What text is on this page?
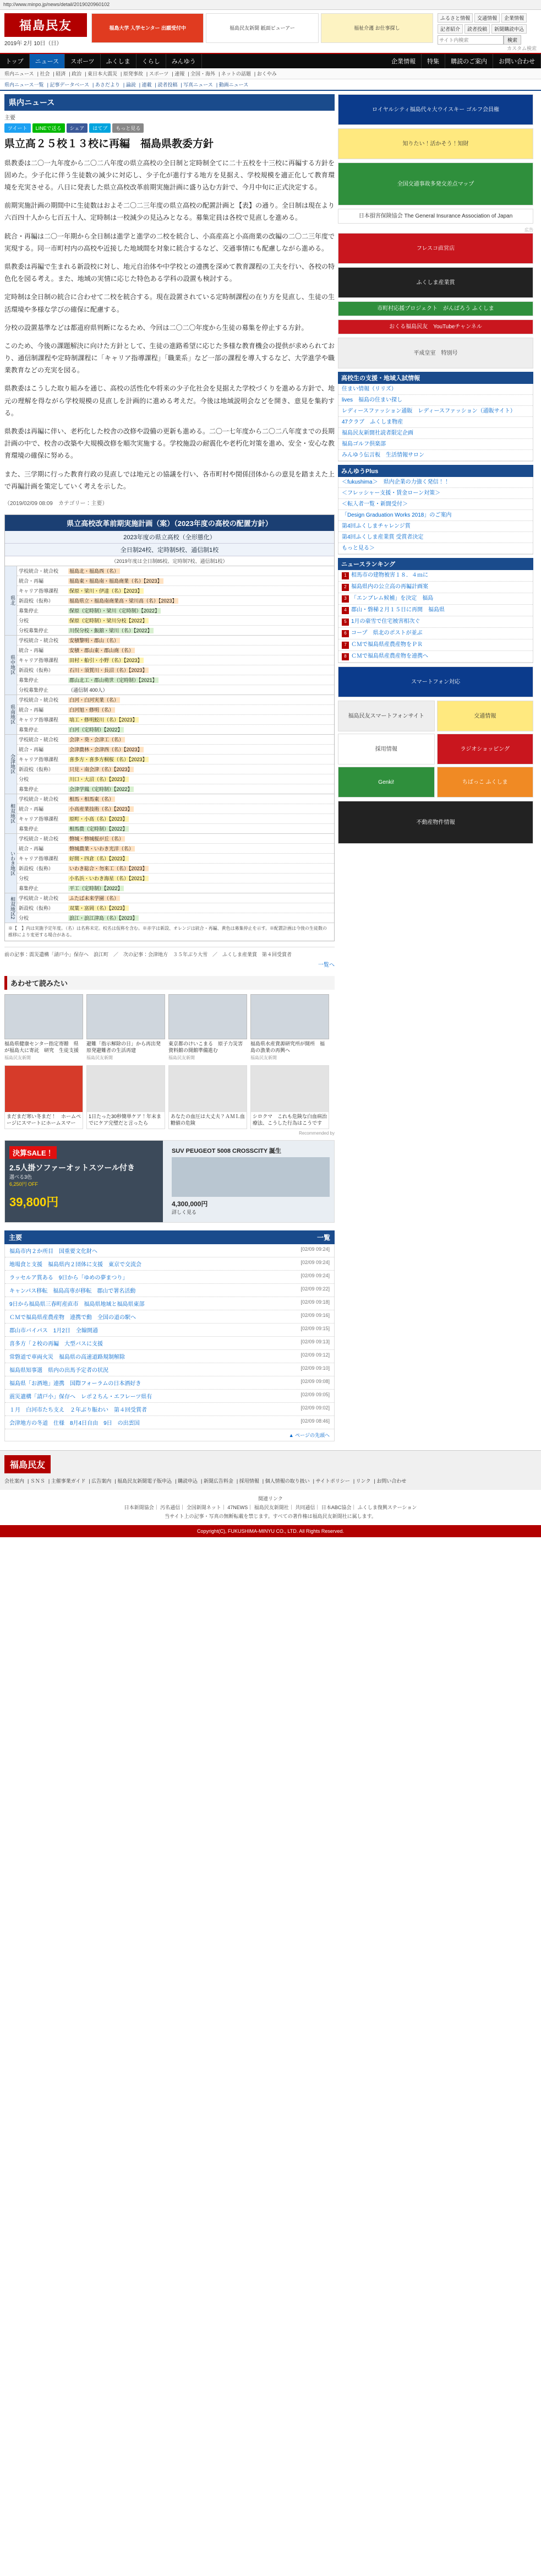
http://www.minpo.jp/news/detail/2019020960102
福島民友
2019年 2月 10日（日）
福島大学 入学センター 出願受付中	福島民友新聞 紙面ビューアー	福祉介護 お仕事探し
ふるさと情報	交通情報	企業情報
記者紹介	読者投稿	新聞購読申込
サイト内検索
検索
カスタム検索
トップ	ニュース	スポーツ	ふくしま	くらし	みんゆう	企業情報	特集	購読のご案内	お問い合わせ
県内ニュース | 社会 | 経済 | 政治 | 東日本大震災 | 原発事故 | スポーツ | 速報 | 全国・海外 | ネットの話題 | おくやみ
県内ニュース一覧 | 記事データベース | あさだより | 論説 | 連載 | 読者投稿 | 写真ニュース | 動画ニュース
県内ニュース
主要
ツイート	LINEで送る	シェア	はてブ	もっと見る
県立高２５校１３校に再編　福島県教委方針

県教委は二〇一九年度から二〇二八年度の県立高校の全日制と定時制全てに二十五校を十三校に再編する方針を固めた。少子化に伴う生徒数の減少に対応し、少子化が進行する地方を見据え、学校規模を適正化して教育環境を充実させる。八日に発表した県立高校改革前期実施計画に盛り込む方針で、今月中旬に正式決定する。

前期実施計画の期間中に生徒数はおよそ二〇二三年度の県立高校の配置計画と【表】の通り。全日制は現在より六百四十人から七百五十人、定時制は一校減少の見込みとなる。募集定員は各校で見直しを進める。

統合・再編は二〇一年期から全日制は進学と進学の二校を統合し、小高産高と小高商業の改編の二〇二三年度で実現する。同一市町村内の高校や近接した地域間を対象に統合するなど、交通事情にも配慮しながら進める。

県教委は再編で生まれる新設校に対し、地元自治体や中学校との連携を深めて教育課程の工夫を行い、各校の特色化を図る考え。また、地域の実情に応じた特色ある学科の設置も検討する。

定時制は全日制の統合に合わせて二校を統合する。現在設置されている定時制課程の在り方を見直し、生徒の生活環境や多様な学びの確保に配慮する。

分校の設置基準などは都道府県判断になるため、今回は二〇二〇年度から生徒の募集を停止する方針。

このため、今後の課題解決に向けた方針として、生徒の進路希望に応じた多様な教育機会の提供が求められており、通信制課程や定時制課程に「キャリア指導課程」「職業系」など一部の課程を導入するなど、大学進学や職業教育などの充実を図る。

県教委はこうした取り組みを通じ、高校の活性化や将来の少子化社会を見据えた学校づくりを進める方針で、地元の理解を得ながら学校規模の見直しを計画的に進める考えだ。今後は地域説明会などを開き、意見を集約する。

県教委は再編に伴い、老朽化した校舎の改修や設備の更新も進める。二〇一七年度から二〇二八年度までの長期計画の中で、校舎の改築や大規模改修を順次実施する。学校施設の耐震化や老朽化対策を進め、安全・安心な教育環境の確保に努める。

また、三学期に行った教育行政の見直しでは地元との協議を行い、各市町村や関係団体からの意見を踏まえた上で再編計画を策定していく考えを示した。

（2019/02/09 08:09　カテゴリー：主要）
県立高校改革前期実施計画（案）（2023年度の高校の配置方針）
2023年度の県立高校（全形態化）
全日制24校、定時制5校、通信制1校
（2019年度は全日制85校、定時制7校、通信制1校）
県北
学校統合・統合校	福島北・福島西（名）
統合・再編	福島東・福島南・福島商業（名）【2023】
キャリア指導課程	保原・梁川・伊達（名）【2023】
新設校（仮称）	福島県立・福島南商業高・梁川高（名）【2023】
募集停止	保原（定時制）・梁川（定時制）【2022】
分校	保原（定時制）・梁川分校【2022】
分校募集停止	川俣分校・飯舘・梁川（名）【2022】
県中地区
学校統合・統合校	安積黎明・郡山（名）
統合・再編	安積・郡山東・郡山商（名）
キャリア指導課程	田村・船引・小野（名）【2023】
新設校（仮称）	石川・須賀川・長沼（名）【2023】
募集停止	郡山北工・郡山萌世（定時制）【2021】
分校募集停止	（通信制 400人）
県南地区
学校統合・統合校	白河・白河実業（名）
統合・再編	白河旭・修明（名）
キャリア指導課程	塙工・修明鮫川（名）【2023】
募集停止	白河（定時制）【2022】
会津地区
学校統合・統合校	会津・葵・会津工（名）
統合・再編	会津農林・会津西（名）【2023】
キャリア指導課程	喜多方・喜多方桐桜（名）【2023】
新設校（仮称）	只見・南会津（名）【2023】
分校	川口・大沼（名）【2023】
募集停止	会津学鳳（定時制）【2022】
相双地区
学校統合・統合校	相馬・相馬東（名）
統合・再編	小高産業技術（名）【2023】
キャリア指導課程	原町・小高（名）【2023】
募集停止	相馬農（定時制）【2022】
いわき地区
学校統合・統合校	磐城・磐城桜が丘（名）
統合・再編	磐城農業・いわき光洋（名）
キャリア指導課程	好間・四倉（名）【2023】
新設校（仮称）	いわき総合・勿来工（名）【2023】
分校	小名浜・いわき海星（名）【2021】
募集停止	平工（定時制）【2022】
相双地区2 学校統合・統合校	ふたば未来学園（名）
新設校（仮称）	双葉・富岡（名）【2023】
分校	浪江・浪江津島（名）【2023】
※【　】内は実施予定年度。（名）は名称未定。校名は仮称を含む。※赤字は新設、オレンジは統合・再編、黄色は募集停止を示す。※配置計画は今後の生徒数の推移により変更する場合がある。
前の記事：震災遺構「請戸小」保存へ　浪江町　／　次の記事：会津地方　３５年ぶり大雪　／　ふくしま産業賞　第４回受賞者
一覧へ
あわせて読みたい
福島県健康センター指定寄贈　県が福島大に寄託　研究　生徒支援
福島民友新聞
避難「指示解除の日」から再出発　原発避難者の生活再建
福島民友新聞
東京都のけいこまる　原子力災害資料館の開館準備進む
福島民友新聞
福島県水産資源研究所が開所　福島の漁業の再興へ
福島民友新聞
まだまだ寒い冬まだ！　ホームページにスマートにホームスマー
1日たった30秒簡単ケア！年末までにケア完璧だと言ったら
あなたの血圧は大丈夫？ＡＭＬ血糖値の危険
シロクマ　これも危険な白血病治療法、こうした行為はこうです
Recommended by
決算SALE！
2.5人掛ソファーオットスツール付き
選べる3色
6,250円 OFF
39,800円
SUV PEUGEOT 5008 CROSSCITY 誕生
4,300,000円
詳しく見る
主要	一覧
福島市内２か所目　国重要文化財へ	[02/09 09:24]
地場食と支援　福島県内２団体に支援　東京で交流会	[02/09 09:24]
ラッセルア賞ある　9日から「ゆめの夢まつり」	[02/09 09:24]
キャンパス移転　福島高専が移転　郡山で署名活動	[02/09 09:22]
9日から福島県三春町産直市　福島県地域と福島県東部	[02/09 09:18]
ＣＭで福島県産農産物　連携で動　全国の道の駅へ	[02/09 09:16]
郡山市バイパス　1月2日　全線開通	[02/09 09:15]
喜多方「２校の再編　大型バスに支援	[02/09 09:13]
常磐道で車両火災　福島県の高速道路規制解除	[02/09 09:12]
福島県知事選　県内の出馬予定者の状況	[02/09 09:10]
福島県「お酒地」連携　国際フォーラムの日本酒好き	[02/09 09:08]
震災遺構「請戸小」保存へ　レポ２ちん・エフレーツ県有	[02/09 09:05]
１月　白河市たち支え　２年ぶり賑わい　第４回受賞者	[02/09 09:02]
会津地方の冬道　仕様　8月4日自由　9日　の出雲国	[02/09 08:46]
▲ ページの先頭へ
ロイヤルシティ福島代々大ウイスキー ゴルフ会員権
知りたい！活かそう！知財
全国交通事故多発交差点マップ
日本損害保険協会 The General Insurance Association of Japan
広告
フレスコ直営店
ふくしま産業賞
市町村応援プロジェクト　がんばろう ふくしま
おくる福島民友　YouTubeチャンネル
平成皇室　特別号
高校生の支援・地域入試情報
住まい情報（リリズ）
lives　福島の住まい探し
レディースファッション通販　レディースファッション（通販サイト）
47クラブ　ふくしま物産
福島民友新聞社読者限定企画
福島ゴルフ倶楽部
みんゆう伝言板　生活情報サロン
みんゆうPlus
＜fukushima＞　県内企業の力強く発信！！
＜フレッシャー支援・賃金ローン対策＞
＜転入者一覧・新聞受付＞
「Design Graduation Works 2018」のご案内
第4回ふくしまチャレンジ賞
第4回ふくしま産業賞 受賞者決定
もっと見る＞
ニュースランキング
1 相馬市の建物被害１８．４ｍに
2 福島県内の公立高の再編計画案
3 「エンブレム候補」を決定　福島
4 郡山・磐梯２月１５日に再開　福島県
5 1月の豪雪で住宅被害相次ぐ
6 コープ　県北のポストが並ぶ
7 ＣＭで福島県産農産物をＰＲ
8 ＣＭで福島県産農産物を連携へ
スマートフォン対応
福島民友スマートフォンサイト	交通情報
採用情報	ラジオショッピング
Genki!	ちばっこ ふくしま
不動産物件情報
福島民友
会社案内 | ＳＮＳ | 主催事業ガイド | 広告案内 | 福島民友新聞電子版申込 | 購読申込 | 新聞広告料金 | 採用情報 | 個人情報の取り扱い | サイトポリシー | リンク | お問い合わせ
関連リンク
日本新聞協会｜ 汚名通信｜ 全国新聞ネット｜ 47NEWS｜ 福島民友新聞社｜ 共同通信｜ 日本ABC協会｜ ふくしま復興ステーション
当サイト上の記事・写真の無断転載を禁じます。すべての著作権は福島民友新聞社に属します。
Copyright(C), FUKUSHIMA-MINYU CO., LTD. All Rights Reserved.
